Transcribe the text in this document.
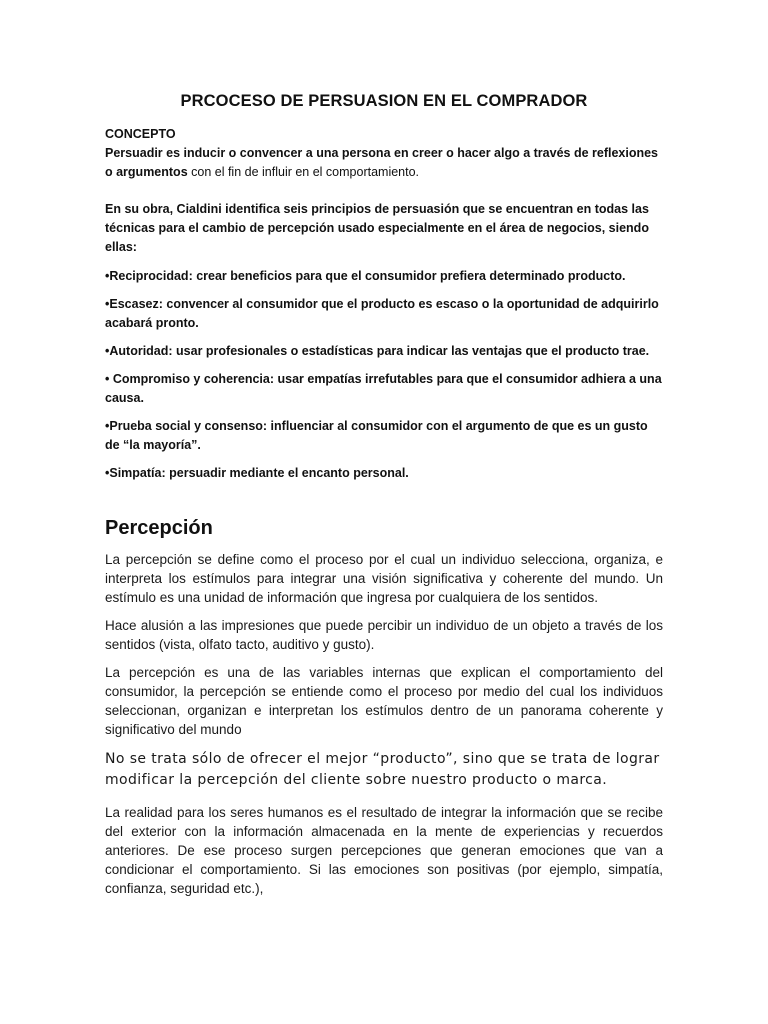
PRCOCESO DE PERSUASION EN EL COMPRADOR

CONCEPTO

Persuadir es inducir o convencer a una persona en creer o hacer algo a través de reflexiones o argumentos con el fin de influir en el comportamiento.

En su obra, Cialdini identifica seis principios de persuasión que se encuentran en todas las técnicas para el cambio de percepción usado especialmente en el área de negocios, siendo ellas:

•Reciprocidad: crear beneficios para que el consumidor prefiera determinado producto.

•Escasez: convencer al consumidor que el producto es escaso o la oportunidad de adquirirlo acabará pronto.

•Autoridad: usar profesionales o estadísticas para indicar las ventajas que el producto trae.

• Compromiso y coherencia: usar empatías irrefutables para que el consumidor adhiera a una causa.

•Prueba social y consenso: influenciar al consumidor con el argumento de que es un gusto de “la mayoría”.

•Simpatía: persuadir mediante el encanto personal.

Percepción

La percepción se define como el proceso por el cual un individuo selecciona, organiza, e interpreta los estímulos para integrar una visión significativa y coherente del mundo. Un estímulo es una unidad de información que ingresa por cualquiera de los sentidos.

Hace alusión a las impresiones que puede percibir un individuo de un objeto a través de los sentidos (vista, olfato tacto, auditivo y gusto).

La percepción es una de las variables internas que explican el comportamiento del consumidor, la percepción se entiende como el proceso por medio del cual los individuos seleccionan, organizan e interpretan los estímulos dentro de un panorama coherente y significativo del mundo

No se trata sólo de ofrecer el mejor “producto”, sino que se trata de lograr modificar la percepción del cliente sobre nuestro producto o marca.

La realidad para los seres humanos es el resultado de integrar la información que se recibe del exterior con la información almacenada en la mente de experiencias y recuerdos anteriores. De ese proceso surgen percepciones que generan emociones que van a condicionar el comportamiento. Si las emociones son positivas (por ejemplo, simpatía, confianza, seguridad etc.),
